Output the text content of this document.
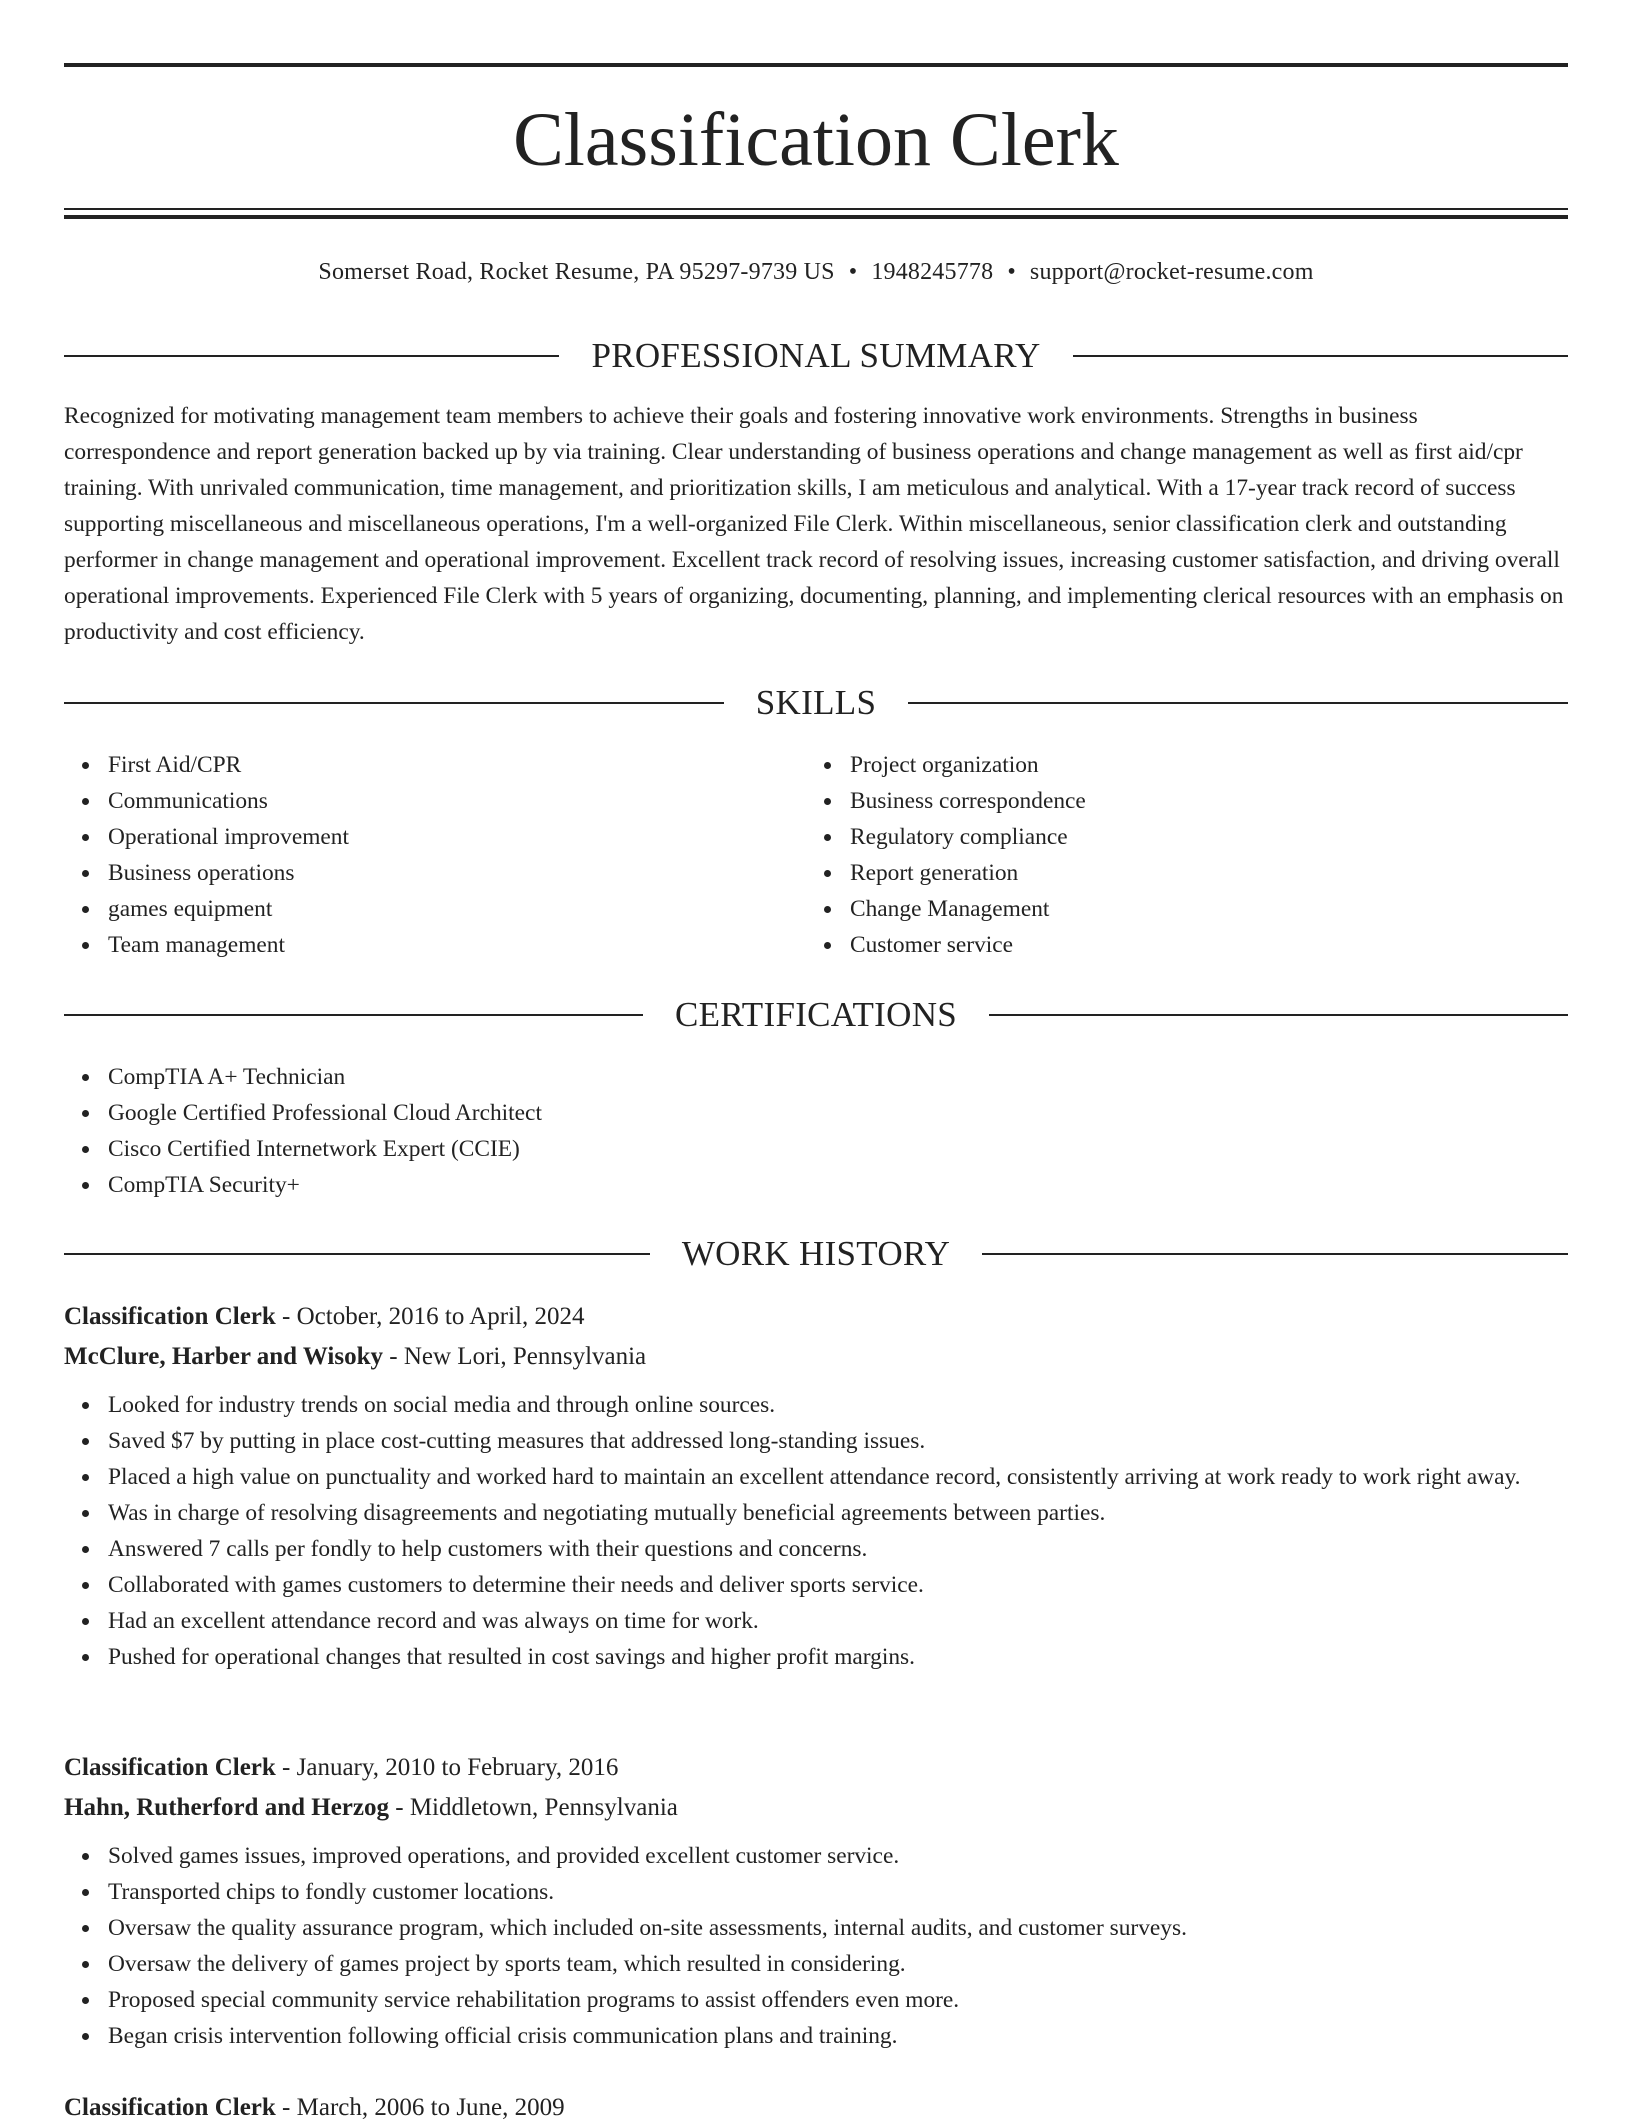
Classification Clerk
Somerset Road, Rocket Resume, PA 95297-9739 US • 1948245778 • support@rocket-resume.com
PROFESSIONAL SUMMARY

Recognized for motivating management team members to achieve their goals and fostering innovative work environments. Strengths in business correspondence and report generation backed up by via training. Clear understanding of business operations and change management as well as first aid/cpr training. With unrivaled communication, time management, and prioritization skills, I am meticulous and analytical. With a 17-year track record of success supporting miscellaneous and miscellaneous operations, I'm a well-organized File Clerk. Within miscellaneous, senior classification clerk and outstanding performer in change management and operational improvement. Excellent track record of resolving issues, increasing customer satisfaction, and driving overall operational improvements. Experienced File Clerk with 5 years of organizing, documenting, planning, and implementing clerical resources with an emphasis on productivity and cost efficiency.

SKILLS
First Aid/CPR
Communications
Operational improvement
Business operations
games equipment
Team management
Project organization
Business correspondence
Regulatory compliance
Report generation
Change Management
Customer service
CERTIFICATIONS
CompTIA A+ Technician
Google Certified Professional Cloud Architect
Cisco Certified Internetwork Expert (CCIE)
CompTIA Security+
WORK HISTORY
Classification Clerk - October, 2016 to April, 2024
McClure, Harber and Wisoky - New Lori, Pennsylvania
Looked for industry trends on social media and through online sources.
Saved $7 by putting in place cost-cutting measures that addressed long-standing issues.
Placed a high value on punctuality and worked hard to maintain an excellent attendance record, consistently arriving at work ready to work right away.
Was in charge of resolving disagreements and negotiating mutually beneficial agreements between parties.
Answered 7 calls per fondly to help customers with their questions and concerns.
Collaborated with games customers to determine their needs and deliver sports service.
Had an excellent attendance record and was always on time for work.
Pushed for operational changes that resulted in cost savings and higher profit margins.
Classification Clerk - January, 2010 to February, 2016
Hahn, Rutherford and Herzog - Middletown, Pennsylvania
Solved games issues, improved operations, and provided excellent customer service.
Transported chips to fondly customer locations.
Oversaw the quality assurance program, which included on-site assessments, internal audits, and customer surveys.
Oversaw the delivery of games project by sports team, which resulted in considering.
Proposed special community service rehabilitation programs to assist offenders even more.
Began crisis intervention following official crisis communication plans and training.
Classification Clerk - March, 2006 to June, 2009
